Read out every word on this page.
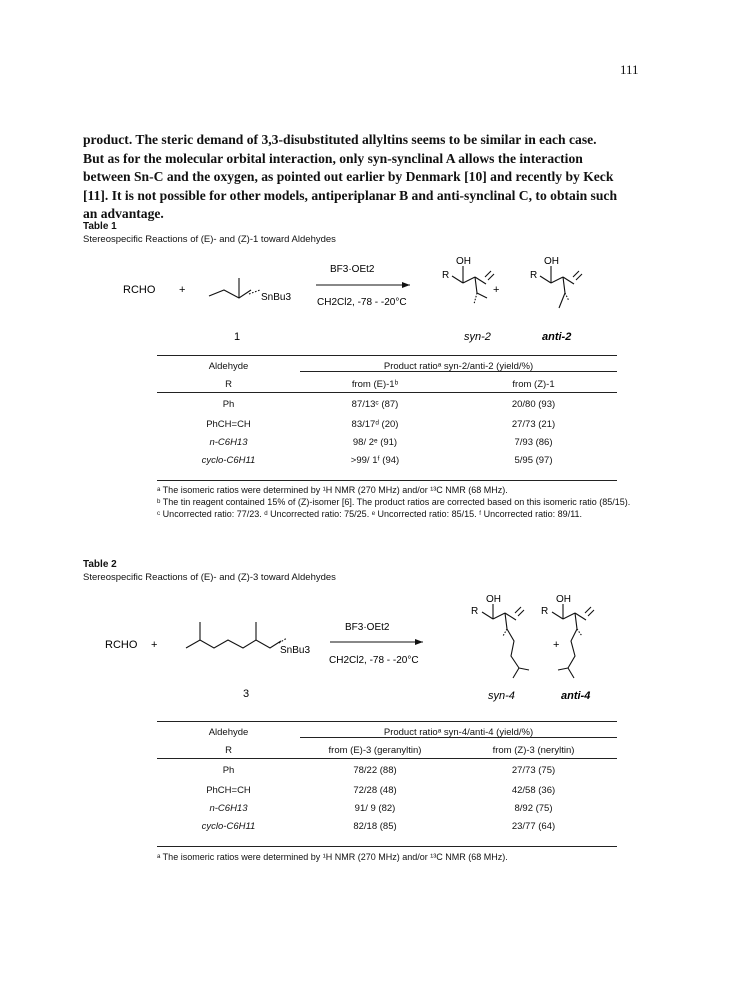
111

product. The steric demand of 3,3-disubstituted allyltins seems to be similar in each case.

But as for the molecular orbital interaction, only syn-synclinal A allows the interaction

between Sn-C and the oxygen, as pointed out earlier by Denmark [10] and recently by Keck

[11]. It is not possible for other models, antiperiplanar B and anti-synclinal C, to obtain such

an advantage.

Table 1
Stereospecific Reactions of (E)- and (Z)-1 toward Aldehydes
RCHO +
SnBu3
1
BF3·OEt2
CH2Cl2, -78 - -20°C
OH
R
+
OH
R
syn-2	anti-2
Aldehyde	Product ratioᵃ syn-2/anti-2 (yield/%)	
R	from (E)-1ᵇ	from (Z)-1
Ph	87/13ᶜ (87)	20/80 (93)
PhCH=CH	83/17ᵈ (20)	27/73 (21)
n-C6H13	98/ 2ᵉ (91)	7/93 (86)
cyclo-C6H11	>99/ 1ᶠ (94)	5/95 (97)
ᵃ The isomeric ratios were determined by ¹H NMR (270 MHz) and/or ¹³C NMR (68 MHz).
ᵇ The tin reagent contained 15% of (Z)-isomer [6]. The product ratios are corrected based on this isomeric ratio (85/15).
ᶜ Uncorrected ratio: 77/23. ᵈ Uncorrected ratio: 75/25. ᵉ Uncorrected ratio: 85/15. ᶠ Uncorrected ratio: 89/11.
Table 2
Stereospecific Reactions of (E)- and (Z)-3 toward Aldehydes
RCHO +	SnBu3
3
BF3·OEt2
CH2Cl2, -78 - -20°C
OH
R
+
OH
R
syn-4	anti-4
Aldehyde	Product ratioᵃ syn-4/anti-4 (yield/%)	
R	from (E)-3 (geranyltin)	from (Z)-3 (neryltin)
Ph	78/22 (88)	27/73 (75)
PhCH=CH	72/28 (48)	42/58 (36)
n-C6H13	91/ 9 (82)	8/92 (75)
cyclo-C6H11	82/18 (85)	23/77 (64)
ᵃ The isomeric ratios were determined by ¹H NMR (270 MHz) and/or ¹³C NMR (68 MHz).
